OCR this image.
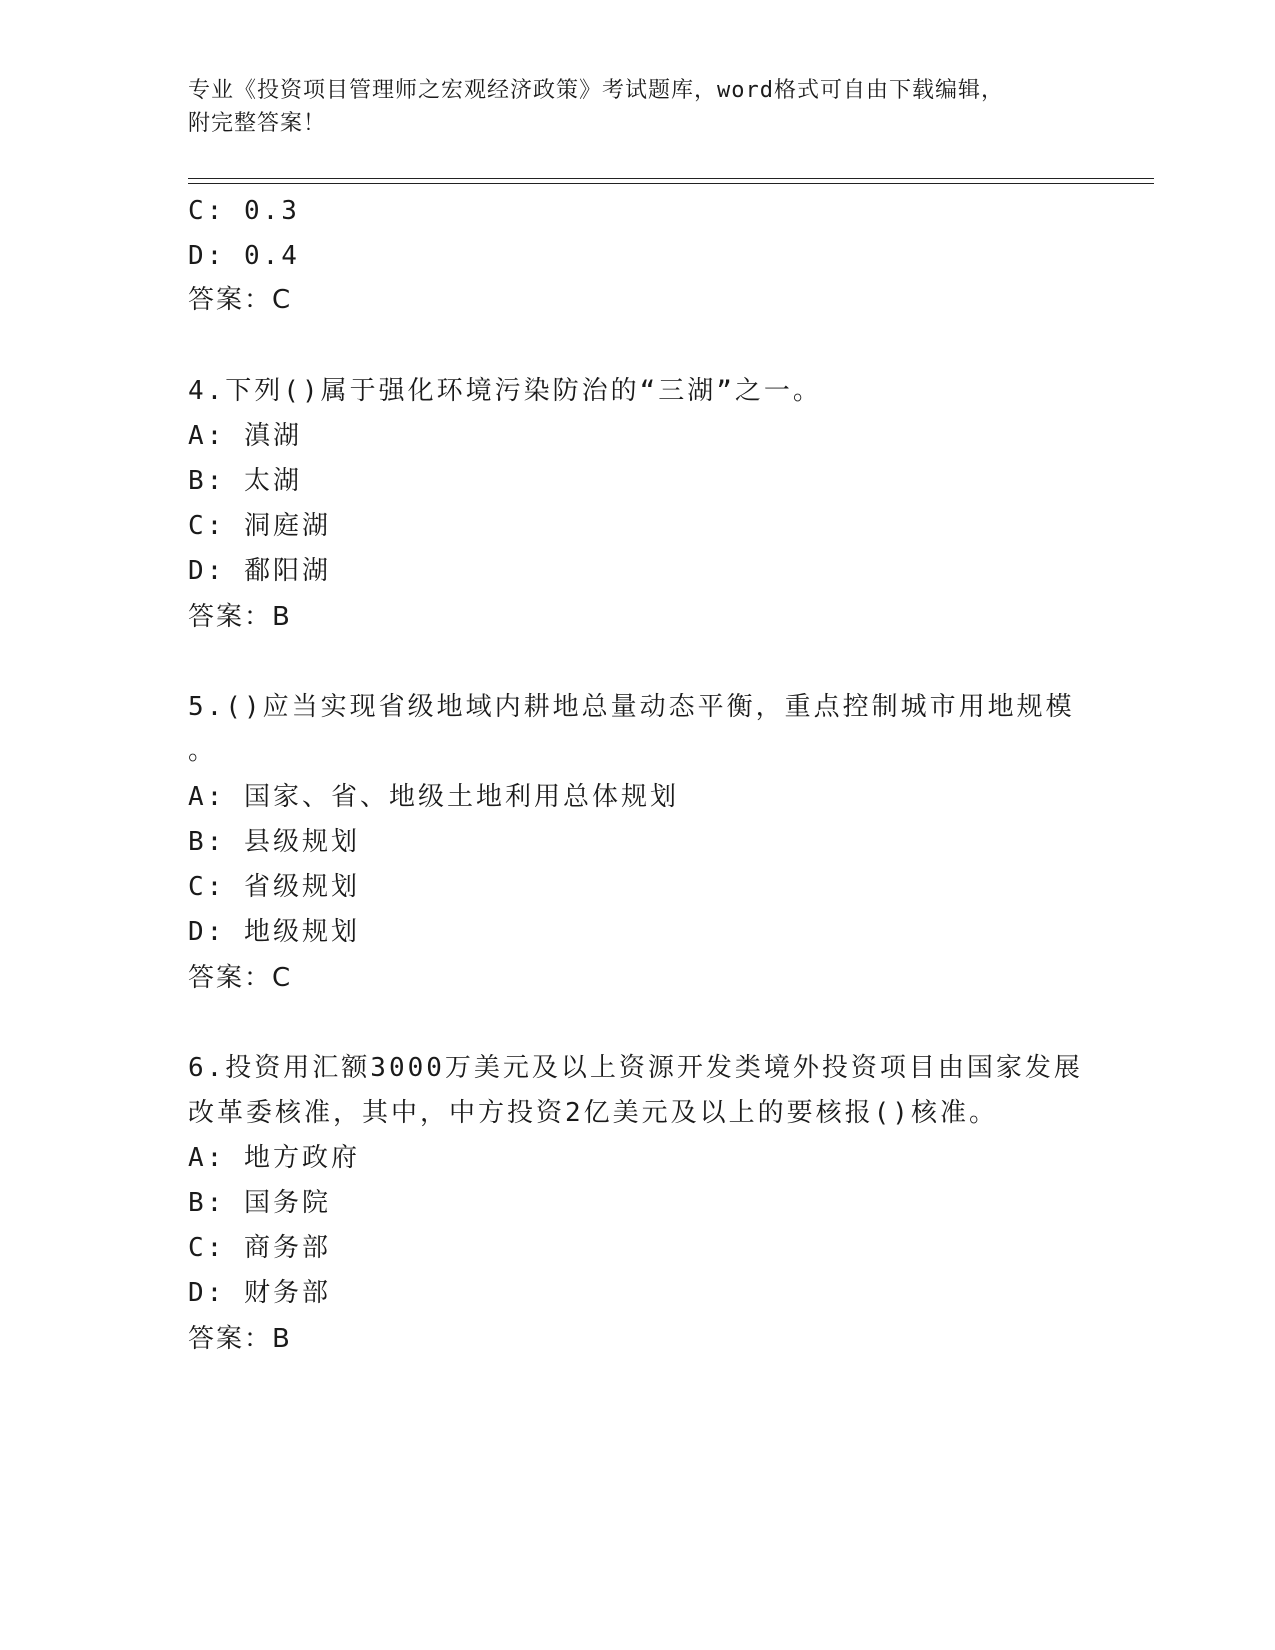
专业《投资项目管理师之宏观经济政策》考试题库，word格式可自由下载编辑，
附完整答案！
C: 0.3
D: 0.4
答案：C
4.下列()属于强化环境污染防治的“三湖”之一。
A: 滇湖
B: 太湖
C: 洞庭湖
D: 鄱阳湖
答案：B
5.()应当实现省级地域内耕地总量动态平衡，重点控制城市用地规模
。
A: 国家、省、地级土地利用总体规划
B: 县级规划
C: 省级规划
D: 地级规划
答案：C
6.投资用汇额3000万美元及以上资源开发类境外投资项目由国家发展
改革委核准，其中，中方投资2亿美元及以上的要核报()核准。
A: 地方政府
B: 国务院
C: 商务部
D: 财务部
答案：B
